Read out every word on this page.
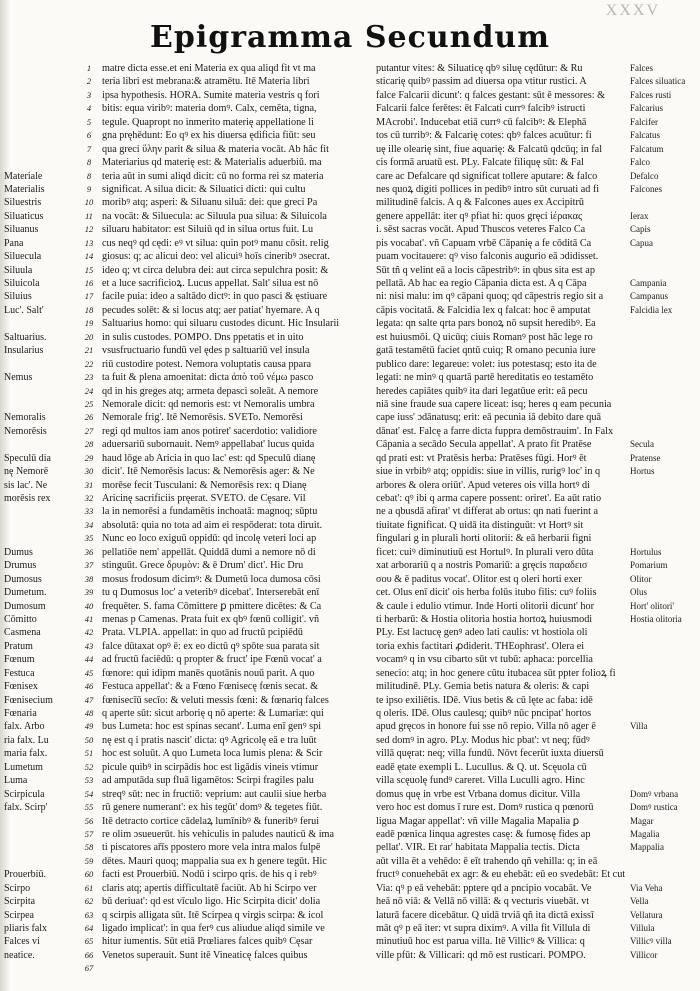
XXXV
Epigramma Secundum
1	matre dicta esse.et eni Materia ex qua aliqd fit vt ma
2	teria libri est mebrana:& atramētu. Itē Materia libri
3	ipsa hypothesis. HORA. Sumite materia vestris q fori
4	bitis: equa viribꝰ: materia domꝰ. Calx, cemēta, tigna,
5	tegule. Quapropt no inmerito materię appellatione li
6	gna pręhēdunt: Eo qꝰ ex his diuersa ędificia fiūt: seu
7	qua greci ὕλην parit & silua & materia vocāt. Ab hāc fit
8	Materiarius qd materię est: & Materialis aduerbiū. ma
Materiale	8	teria aūt in sumi aliqd dicit: cū no forma rei sz materia
Materialis	9	significat. A silua dicit: & Siluatici dicti: qui cultu
Siluestris	10 moribꝰ atq; asperi: & Siluanu siluā: dei: que greci Pa
Siluaticus	11 na vocāt: & Siluecula: ac Siluula pua silua: & Siluicola
Siluanus	12 siluaru habitator: est Siluiū qd in silua ortus fuit. Lu
Pana	13 cus neqꝰ qd cędi: eꝰ vt silua: quin potꝰ manu cōsit. relig
Siluecula	14 giosus: q; ac alicui deo: vel alicuiꝰ hoīs cineribꝰ ɔsecrat.
Siluula	15 ideo q; vt circa delubra dei: aut circa sepulchra posit: &
Siluicola	16 et a luce sacrificioꝝ. Lucus appellat. Salt' silua est nō
Siluius	17 facile puia: ideo a saltādo dictꝰ: in quo pasci & ęstiuare
Luc'. Salt'	18 pecudes solēt: & si locus atq; aer patiat' hyemare. A q
19 Saltuarius homo: qui siluaru custodes dicunt. Hic Insularii
Saltuarius.	20 in sulis custodes. POMPO. Dns ppetatis et in uito
Insularius	21 vsusfructuario fundū vel ędes p saltuariū vel insula
22 riū custodire potest. Nemora voluptatis causa ppara
Nemus	23 ta fuit & plena amoenitat: dicta ἀπὸ τοῦ νέμω pasco
24 qd in his greges atq; armeta depasci soleāt. A nemore
25 Nemorale dicit: qd nemoris est: vt Nemoralis umbra
Nemoralis	26 Nemorale frig'. Itē Nemorēsis. SVETo. Nemorēsi
Nemorēsis	27 regi qd multos iam anos potiret' sacerdotio: validiore
28 aduersariū subornauit. Nemꝰ appellabat' lucus quida
Speculū dia	29 haud lōge ab Aricia in quo lac' est: qd Speculū dianę
nę Nemorē	30 dicit'. Itē Nemorēsis lacus: & Nemorēsis ager: & Ne
sis lac'. Ne	31 morēse fecit Tusculani: & Nemorēsis rex: q Dianę
morēsis rex	32 Aricinę sacrificiis pręerat. SVETO. de Cęsare. Vil
33 la in nemorēsi a fundamētis inchoatā: magnoq; sūptu
34 absolutā: quia no tota ad aim ei respōderat: tota diruit.
35 Nunc eo loco exiguū oppidū: qd incolę veteri loci ap
Dumus	36 pellatiōe nem' appellāt. Quiddā dumi a nemore nō di
Drumus	37 stinguūt. Grece δρυμὸν: & ē Drum' dict'. Hic Dru
Dumosus	38 mosus frodosum dicimꝰ: & Dumetū loca dumosa cōsi
Dumetum.	39 tu q Dumosus loc' a veteribꝰ dicebat'. Interserebāt enī
Dumosum	40 frequēter. S. fama Cōmittere ꝑ pmittere dicētes: & Ca
Cōmitto	41 menas p Camenas. Prata fuit ex qbꝰ fœnū colligit'. vñ
Casmena	42 Prata. VLPIA. appellat: in quo ad fructū pcipiēdū
Pratum	43 falce dūtaxat opꝰ ē: ex eo dictū qꝰ spōte sua parata sit
Fœnum	44 ad fructū faciēdū: q propter & fruct' ipe Fœnū vocat' a
Festuca	45 fœnore: qui idipm manēs quotānis nouū parit. A quo
Fœnisex	46 Festuca appellat': & a Fœno Fœnisecę fœnis secat. &
Fœnisecium	47 fœnisecīū secīo: & veluti messis fœni: & fœnariq falces
Fœnaria	48 q aperte sūt: sicut arborię q nō aperte: & Lumariæ: qui
falx. Arbo	49 bus Lumeta: hoc est spinas secant'. Luma enī genꝰ spi
ria falx. Lu	50 nę est q i pratis nascit' dicta: qꝰ Agricolę eā e tra luūt
maria falx.	51 hoc est soluūt. A quo Lumeta loca lumis plena: & Scir
Lumetum	52 picule quibꝰ in scirpādis hoc est ligādis vineis vtimur
Luma	53 ad amputāda sup fluā ligamētos: Scirpi fragiles palu
Scirpicula	54 streqꝰ sūt: nec in fructiō: veprium: aut caulii siue herba
falx. Scirp'	55 rū genere numerant': ex his tegūt' domꝰ & tegetes fiūt.
56 Itē detracto cortice cādelaꝝ lumīnibꝰ & funeribꝰ ferui
57 re olim ɔsueuerūt. his vehiculis in paludes nauticū & ima
58 ti piscatores ařīs ppostero more vela intra malos fulpē
59 dētes. Mauri quoq; mappalia sua ex h genere tegūt. Hic
Prouerbiū.	60 facti est Prouerbiū. Nodū i scirpo qris. de his q i rebꝰ
Scirpo	61 claris atq; apertis difficultatē faciūt. Ab hi Scirpo ver
Scirpita	62 bū deriuat': qd est vīculo ligo. Hic Scirpita dicit' dolia
Scirpea	63 q scirpis alligata sūt. Itē Scirpea q virgis scirpa: & icol
pliaris falx	64 ligado implicat': in qua ferꝰ cus aliudue aliqd simile ve
Falces vi	65 hitur iumentis. Sūt etiā Prœliares falces quibꝰ Cęsar
neatice.	66 Venetos superauit. Sunt itē Vineaticę falces quibus
67
putantur vites: & Siluaticę qbꝰ siluę cędūtur: & Ru	Falces
sticarię quibꝰ passim ad diuersa opa vtitur rustici. A	Falces siluatica
falce Falcarii dicunt': q falces gestant: sūt ē messores: &	Falces rusti
Falcarii falce ferētes: ēt Falcati currꝰ falcibꝰ istructi	Falcarius
MAcrobi'. Inducebat etiā currꝰ cū falcibꝰ: & Elephā	Falcifer
tos cū turribꝰ: & Falcarię cotes: qbꝰ falces acuūtur: fi	Falcatus
uę ille olearię sint, fiue aquarię: & Falcatū qdcūq; in fal	Falcatum
cis formā aruatū est. PLy. Falcate filiquę sūt: & Fal	Falco
care ac Defalcare qd significat tollere aputare: & falco	Defalco
nes quoꝝ digiti pollices in pedibꝰ intro sūt curuati ad fi	Falcones
militudinē falcis. A q & Falcones aues ex Accipitrū
genere appellāt: iter qꝰ pfiat hi: quos gręci ἱέρακας	Ierax
i. sēst sacras vocāt. Apud Thuscos veteres Falco Ca	Capis
pis vocabat'. vñ Capuam vrbē Cāpanię a fe cōditā Ca	Capua
puam vocitauere: qꝰ viso falconis augurio eā ɔdidisset.
Sūt tñ q velint eā a locis cāpestribꝰ: in qbus sita est ap
pellatā. Ab hac ea regio Cāpania dicta est. A q Cāpa	Campania
ni: nisi malu: im qꝰ cāpani quoq; qd cāpestris regio sit a	Campanus
cāpis vocitatā. & Falcidia lex q falcat: hoc ē amputat	Falcidia lex
legata: qn salte qrta pars bonoꝝ nō supsit heredibꝰ. Ea
est huiusmōi. Q uicūq; ciuis Romanꝰ post hāc lege ro
gatā testamētū faciet qntū cuiq; R omano pecunia iure
publico dare: legareue: volet: ius potestasq; esto ita de
legati: ne minꝰ q quartā partē hereditatis eo testamēto
heredes capiātes quibꝰ ita dari legatūue erit: eā pecu
niā sine fraude sua capere liceat: isq; heres q eam pecunia
cape iuss' ɔdānatusq; erit: eā pecunia iā debito dare quā
dānat' est. Falcę a farre dicta fuppra demōstrauim'. In Falx
Cāpania a secādo Secula appellat'. A prato fit Pratēse	Secula
qd prati est: vt Pratēsis herba: Pratēses fūgi. Horꝰ ēt	Pratense
siue in vrbibꝰ atq; oppidis: siue in villis, rurigꝰ loc' in q	Hortus
arbores & olera oriūt'. Apud veteres ois villa hortꝰ di
cebat': qꝰ ibi q arma capere possent: oriret'. Ea aūt ratio
ne a qbusdā afirat' vt differat ab ortus: qn nati fuerint a
tiuitate fignificat. Q uidā ita distinguūt: vt Hortꝰ sit
fingulari g in plurali horti olitorii: & eā herbarii figni
ficet: cuiꝰ diminutiuū est Hortulꝰ. In plurali vero dūta	Hortulus
xat arborariū q a nostris Pomariū: a gręcis παραδεισ	Pomarium
σου & ē paditus vocat'. Olitor est q oleri horti exer	Olitor
cet. Olus enī dicit' ois herba folūs itubo filis: cuꝰ foliis	Olus
& caule i edulio vtimur. Inde Horti olitorii dicunt' hor	Hort' olitori'
ti herbarū: & Hostia olitoria hostia hortoꝝ huiusmodi	Hostia olitoria
PLy. Est lactucę genꝰ adeo lati caulis: vt hostiola oli
toria exhis factitari ꝓdiderit. THEophrast'. Olera ei
vocamꝰ q in vsu cibarto sūt vt tubū: aphaca: porcellia
senecio: atq; in hoc genere cūtu itubacea sūt ppter folioꝝ fi
militudinē. PLy. Gemia betis natura & oleris: & capi
te ipso exiliētis. IDē. Vius betis & cū lęte ac faba: idē
q oleris. IDē. Olus caulesq; quibꝰ nūc pncipat' hortos
apud gręcos in honore fui sse nō repio. Villa nō ager ē	Villa
sed domꝰ in agro. PLy. Modus hic pbat': vt neq; fūdꝰ
villā quęrat: neq; villa fundū. Nōvt fecerūt iuxta diuersū
eadē ętate exempli L. Lucullus. & Q. ut. Scęuola cū
villa scęuolę fundꝰ careret. Villa Luculli agro. Hinc
domus quę in vrbe est Vrbana domus dicitur. Villa	Domꝰ vrbana
vero hoc est domus ī rure est. Domꝰ rustica q pœnorū	Domꝰ rustica
ligua Magar appellat': vñ ville Magalia Mapalia ꝑ	Magar
eadē pœnica linqua agrestes casę: & fumosę fides ap	Magalia
pellat'. VIR. Et rar' habitata Mappalia tectis. Dicta	Mappalia
aūt villa ēt a vehēdo: ē eīt trahendo qñ vehilla: q; in eā
fructꝰ conuehebāt ex agr: & eu ehebāt: eū eo svedebāt: Et cut
Via: qꝰ p eā vehebāt: pptere qd a pncipio vocabāt. Ve	Via Veha
heā nō viā: & Vellā nō villā: & q vecturis viuebāt. vt	Vella
laturā facere dicebātur. Q uidā trviā qñ ita dictā exissī	Vellatura
māt qꝰ p eā iter: vt supra diximꝰ. A villa fit Villula di	Villula
minutiuū hoc est parua villa. Itē Villicꝰ & Villica: q	Villicꝰ villa
ville pfūt: & Villicari: qd mō est rusticari. POMPO.	Villicor
